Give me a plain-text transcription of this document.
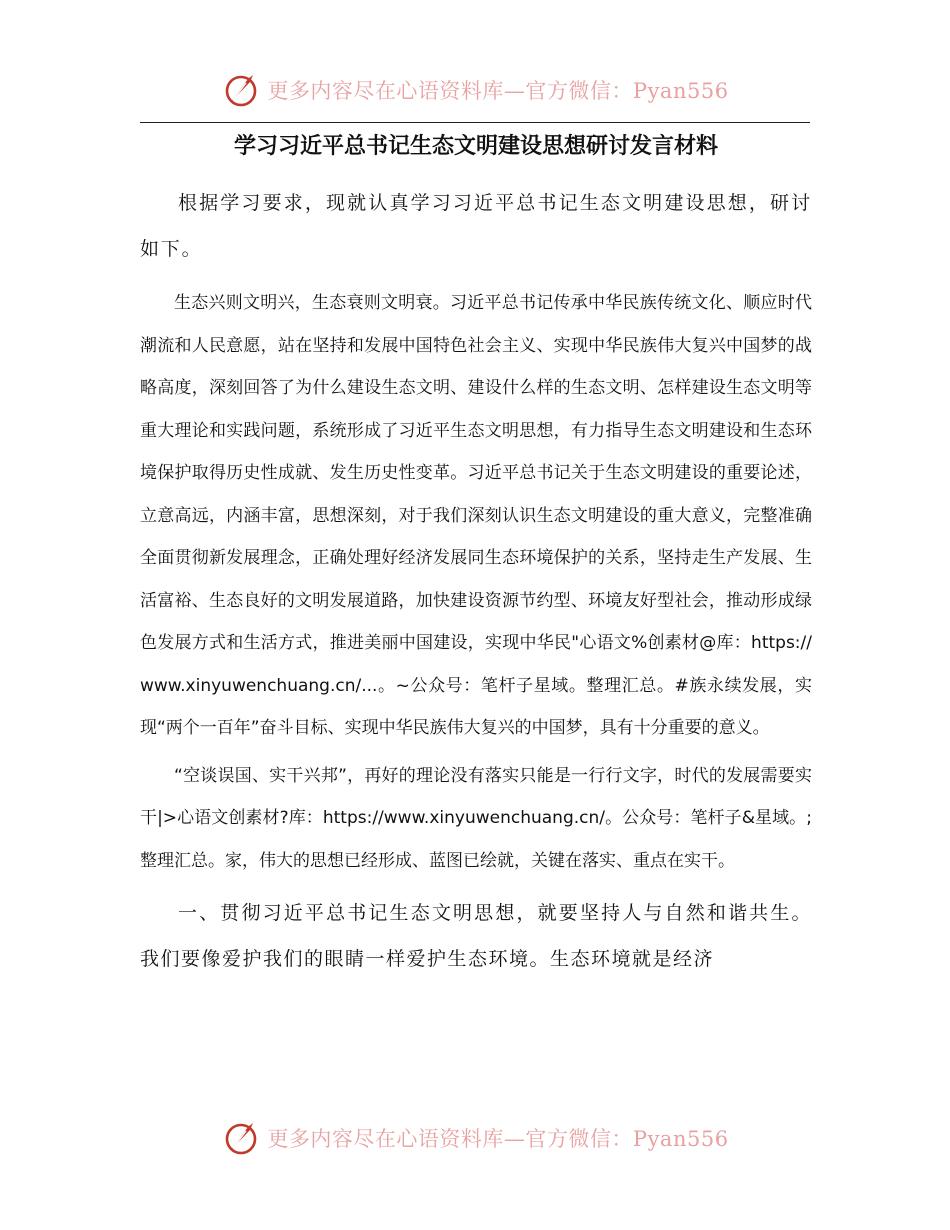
更多内容尽在心语资料库—官方微信：Pyan556
学习习近平总书记生态文明建设思想研讨发言材料

根据学习要求，现就认真学习习近平总书记生态文明建设思想，研讨如下。

生态兴则文明兴，生态衰则文明衰。习近平总书记传承中华民族传统文化、顺应时代潮流和人民意愿，站在坚持和发展中国特色社会主义、实现中华民族伟大复兴中国梦的战略高度，深刻回答了为什么建设生态文明、建设什么样的生态文明、怎样建设生态文明等重大理论和实践问题，系统形成了习近平生态文明思想，有力指导生态文明建设和生态环境保护取得历史性成就、发生历史性变革。习近平总书记关于生态文明建设的重要论述，立意高远，内涵丰富，思想深刻，对于我们深刻认识生态文明建设的重大意义，完整准确全面贯彻新发展理念，正确处理好经济发展同生态环境保护的关系，坚持走生产发展、生活富裕、生态良好的文明发展道路，加快建设资源节约型、环境友好型社会，推动形成绿色发展方式和生活方式，推进美丽中国建设，实现中华民"心语文%创素材@库：https://www.xinyuwenchuang.cn/...。~公众号：笔杆子星域。整理汇总。#族永续发展，实现“两个一百年”奋斗目标、实现中华民族伟大复兴的中国梦，具有十分重要的意义。

“空谈误国、实干兴邦”，再好的理论没有落实只能是一行行文字，时代的发展需要实干|>心语文创素材?库：https://www.xinyuwenchuang.cn/。公众号：笔杆子&星域。;整理汇总。家，伟大的思想已经形成、蓝图已绘就，关键在落实、重点在实干。

一、贯彻习近平总书记生态文明思想，就要坚持人与自然和谐共生。我们要像爱护我们的眼睛一样爱护生态环境。生态环境就是经济

更多内容尽在心语资料库—官方微信：Pyan556
